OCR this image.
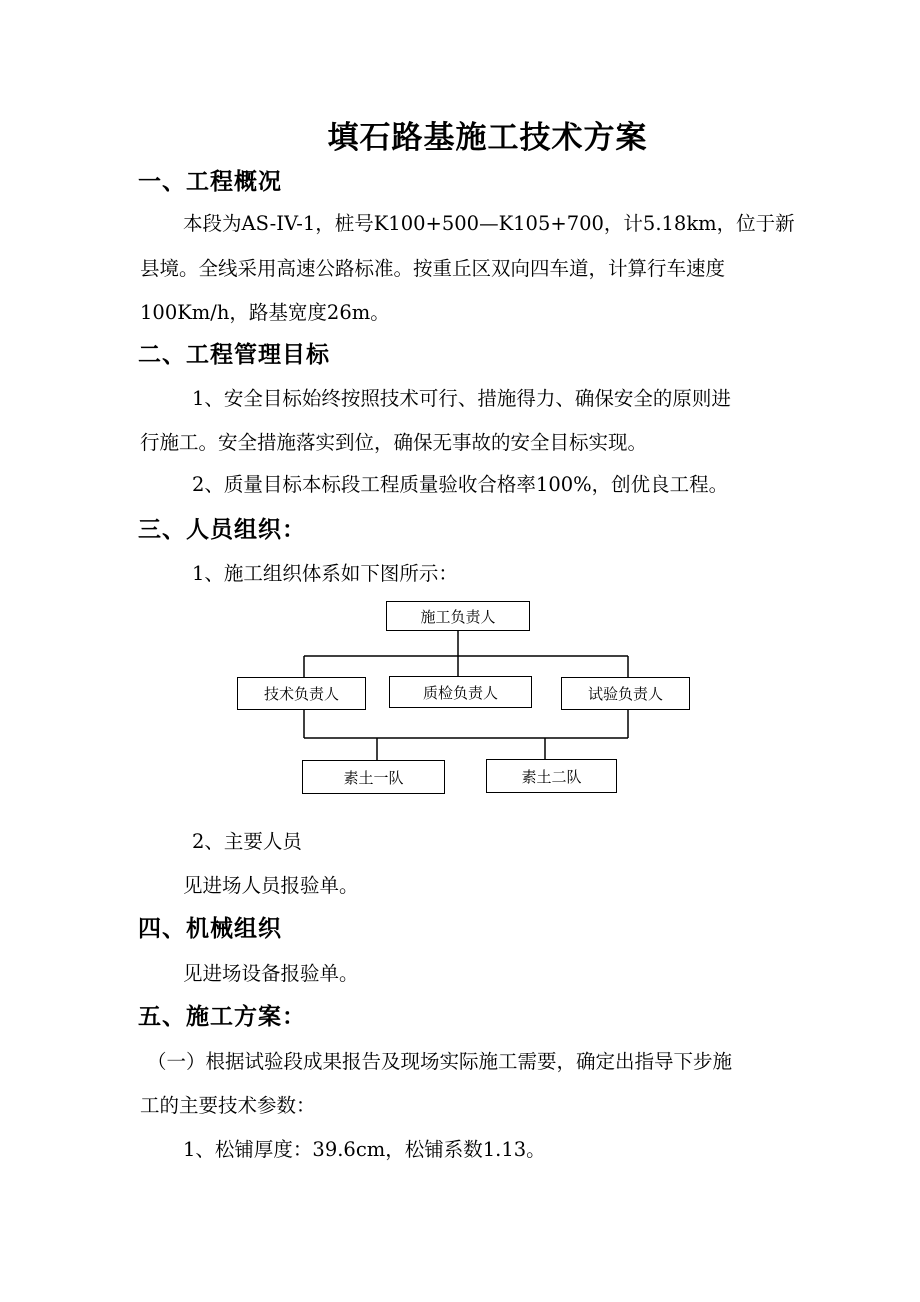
填石路基施工技术方案
一、工程概况
本段为AS-IV-1，桩号K100+500—K105+700，计5.18km，位于新
县境。全线采用高速公路标准。按重丘区双向四车道，计算行车速度
100Km/h，路基宽度26m。
二、工程管理目标
1、安全目标始终按照技术可行、措施得力、确保安全的原则进
行施工。安全措施落实到位，确保无事故的安全目标实现。
2、质量目标本标段工程质量验收合格率100%，创优良工程。
三、人员组织：
1、施工组织体系如下图所示：
施工负责人
技术负责人	质检负责人	试验负责人
素土一队	素土二队
2、主要人员
见进场人员报验单。
四、机械组织
见进场设备报验单。
五、施工方案：
（一）根据试验段成果报告及现场实际施工需要，确定出指导下步施
工的主要技术参数：
1、松铺厚度：39.6cm，松铺系数1.13。
